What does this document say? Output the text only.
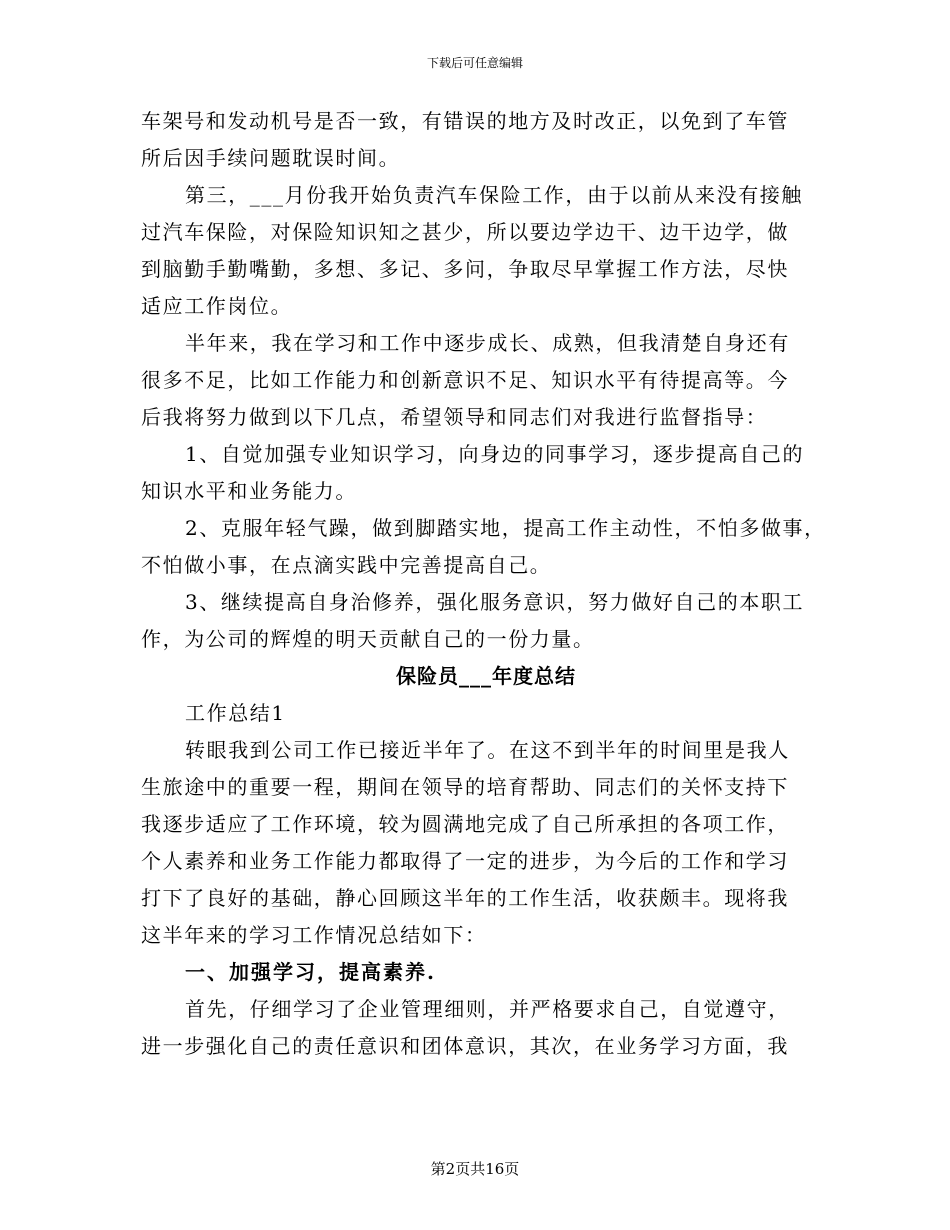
下载后可任意编辑
车架号和发动机号是否一致，有错误的地方及时改正，以免到了车管
所后因手续问题耽误时间。
第三，___月份我开始负责汽车保险工作，由于以前从来没有接触
过汽车保险，对保险知识知之甚少，所以要边学边干、边干边学，做
到脑勤手勤嘴勤，多想、多记、多问，争取尽早掌握工作方法，尽快
适应工作岗位。
半年来，我在学习和工作中逐步成长、成熟，但我清楚自身还有
很多不足，比如工作能力和创新意识不足、知识水平有待提高等。今
后我将努力做到以下几点，希望领导和同志们对我进行监督指导：
1、自觉加强专业知识学习，向身边的同事学习，逐步提高自己的
知识水平和业务能力。
2、克服年轻气躁，做到脚踏实地，提高工作主动性，不怕多做事，
不怕做小事，在点滴实践中完善提高自己。
3、继续提高自身治修养，强化服务意识，努力做好自己的本职工
作，为公司的辉煌的明天贡献自己的一份力量。
保险员___年度总结
工作总结1
转眼我到公司工作已接近半年了。在这不到半年的时间里是我人
生旅途中的重要一程，期间在领导的培育帮助、同志们的关怀支持下
我逐步适应了工作环境，较为圆满地完成了自己所承担的各项工作，
个人素养和业务工作能力都取得了一定的进步，为今后的工作和学习
打下了良好的基础，静心回顾这半年的工作生活，收获颇丰。现将我
这半年来的学习工作情况总结如下：
一、加强学习，提高素养.
首先，仔细学习了企业管理细则，并严格要求自己，自觉遵守，
进一步强化自己的责任意识和团体意识，其次，在业务学习方面，我
第2页共16页
